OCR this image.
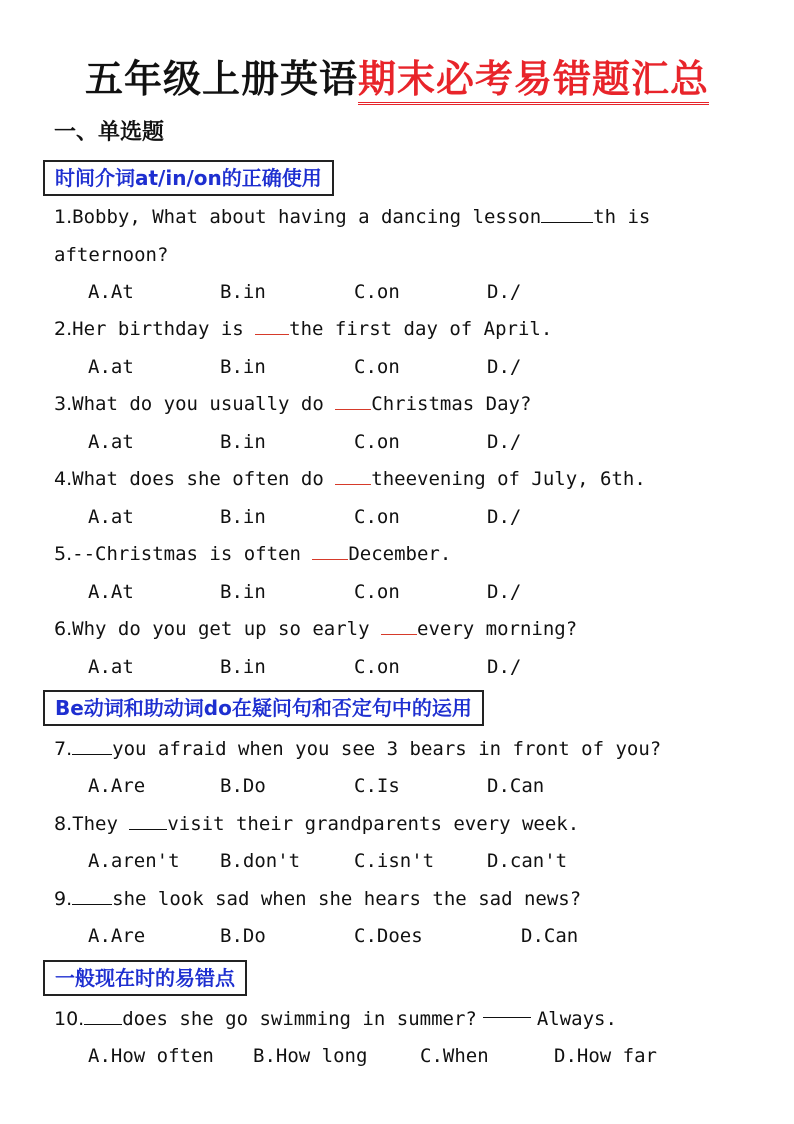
五年级上册英语期末必考易错题汇总
一、单选题
时间介词at/in/on的正确使用
1.Bobby, What about having a dancing lesson	th is
afternoon?
A.At	B.in	C.on	D./
2.Her birthday is the first day of April.
A.at	B.in	C.on	D./
3.What do you usually do Christmas Day?
A.at	B.in	C.on	D./
4.What does she often do theevening of July, 6th.
A.at	B.in	C.on	D./
5.--Christmas is often December.
A.At	B.in	C.on	D./
6.Why do you get up so early every morning?
A.at	B.in	C.on	D./
Be动词和助动词do在疑问句和否定句中的运用
7. you afraid when you see 3 bears in front of you?
A.Are	B.Do	C.Is	D.Can
8.They visit their grandparents every week.
A.aren't B.don't	C.isn't	D.can't
9. she look sad when she hears the sad news?
A.Are	B.Do	C.Does	D.Can
一般现在时的易错点
10. does she go swimming in summer?	Always.
A.How often B.How long	C.When	D.How far
